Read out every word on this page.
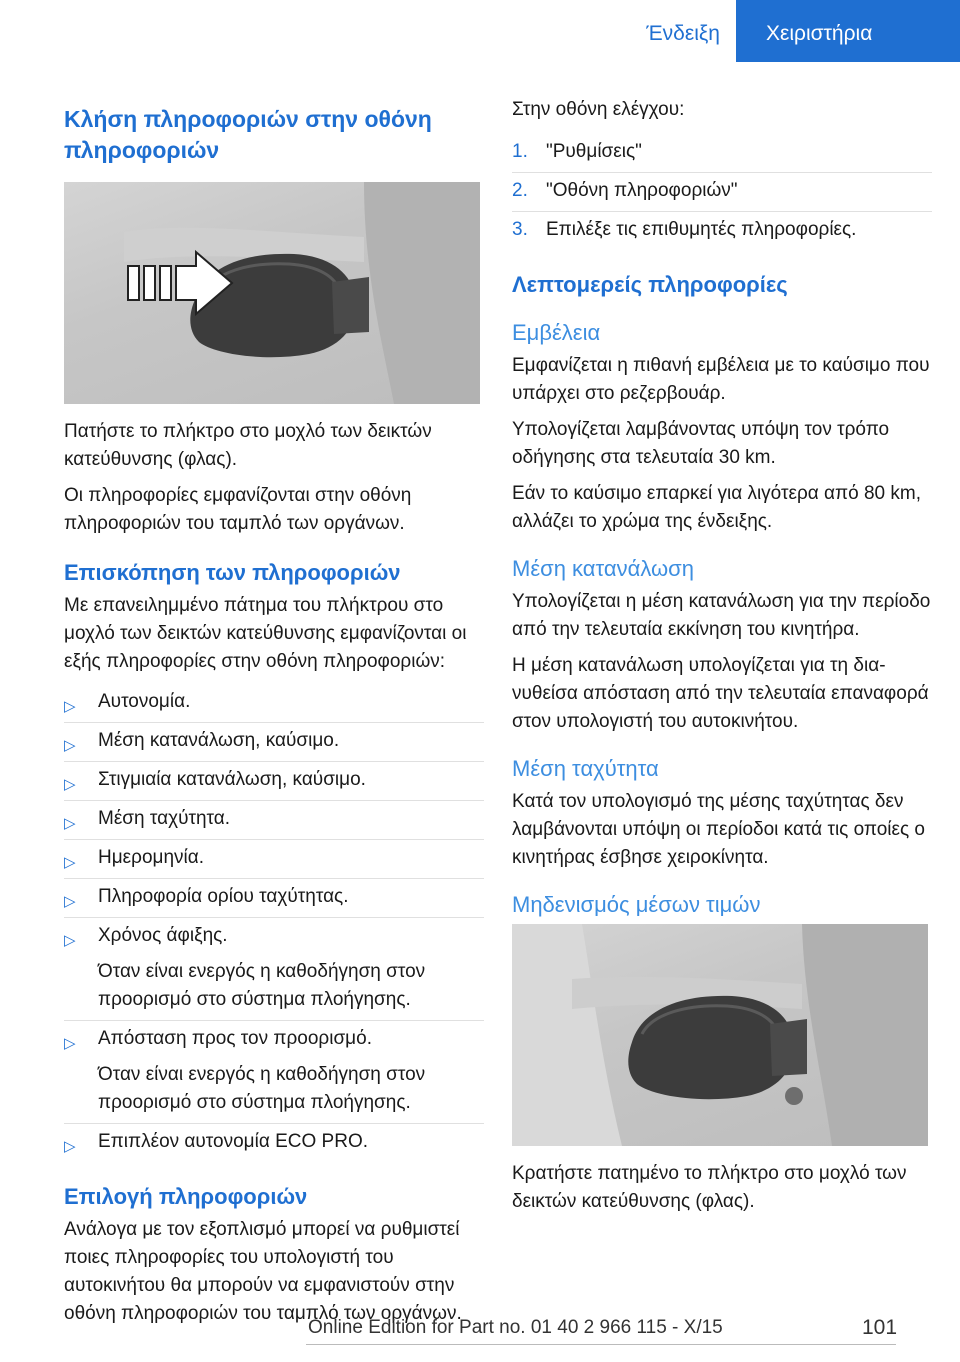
Ένδειξη	Χειριστήρια
Κλήση πληροφοριών στην οθόνη πληροφοριών

Πατήστε το πλήκτρο στο μοχλό των δεικτών κατεύθυνσης (φλας).

Οι πληροφορίες εμφανίζονται στην οθόνη πληροφοριών του ταμπλό των οργάνων.

Επισκόπηση των πληροφοριών

Με επανειλημμένο πάτημα του πλήκτρου στο μοχλό των δεικτών κατεύθυνσης εμφανίζονται οι εξής πληροφορίες στην οθόνη πληροφοριών:

▷ Αυτονομία.
▷ Μέση κατανάλωση, καύσιμο.
▷ Στιγμιαία κατανάλωση, καύσιμο.
▷ Μέση ταχύτητα.
▷ Ημερομηνία.
▷ Πληροφορία ορίου ταχύτητας.
▷ Χρόνος άφιξης.
Όταν είναι ενεργός η καθοδήγηση στον προορισμό στο σύστημα πλοήγησης.
▷ Απόσταση προς τον προορισμό.
Όταν είναι ενεργός η καθοδήγηση στον προορισμό στο σύστημα πλοήγησης.
▷ Επιπλέον αυτονομία ECO PRO.
Επιλογή πληροφοριών

Ανάλογα με τον εξοπλισμό μπορεί να ρυθμιστεί ποιες πληροφορίες του υπολογιστή του αυτοκινήτου θα μπορούν να εμφανιστούν στην οθόνη πληροφοριών του ταμπλό των οργάνων.

Στην οθόνη ελέγχου:

1. "Ρυθμίσεις"
2. "Οθόνη πληροφοριών"
3. Επιλέξε τις επιθυμητές πληροφορίες.
Λεπτομερείς πληροφορίες
Εμβέλεια

Εμφανίζεται η πιθανή εμβέλεια με το καύσιμο που υπάρχει στο ρεζερβουάρ.

Υπολογίζεται λαμβάνοντας υπόψη τον τρόπο οδήγησης στα τελευταία 30 km.

Εάν το καύσιμο επαρκεί για λιγότερα από 80 km, αλλάζει το χρώμα της ένδειξης.

Μέση κατανάλωση

Υπολογίζεται η μέση κατανάλωση για την περίοδο από την τελευταία εκκίνηση του κινητήρα.

Η μέση κατανάλωση υπολογίζεται για τη διανυθείσα απόσταση από την τελευταία επαναφορά στον υπολογιστή του αυτοκινήτου.

Μέση ταχύτητα

Κατά τον υπολογισμό της μέσης ταχύτητας δεν λαμβάνονται υπόψη οι περίοδοι κατά τις οποίες ο κινητήρας έσβησε χειροκίνητα.

Μηδενισμός μέσων τιμών

Κρατήστε πατημένο το πλήκτρο στο μοχλό των δεικτών κατεύθυνσης (φλας).

Online Edition for Part no. 01 40 2 966 115 - X/15	101
